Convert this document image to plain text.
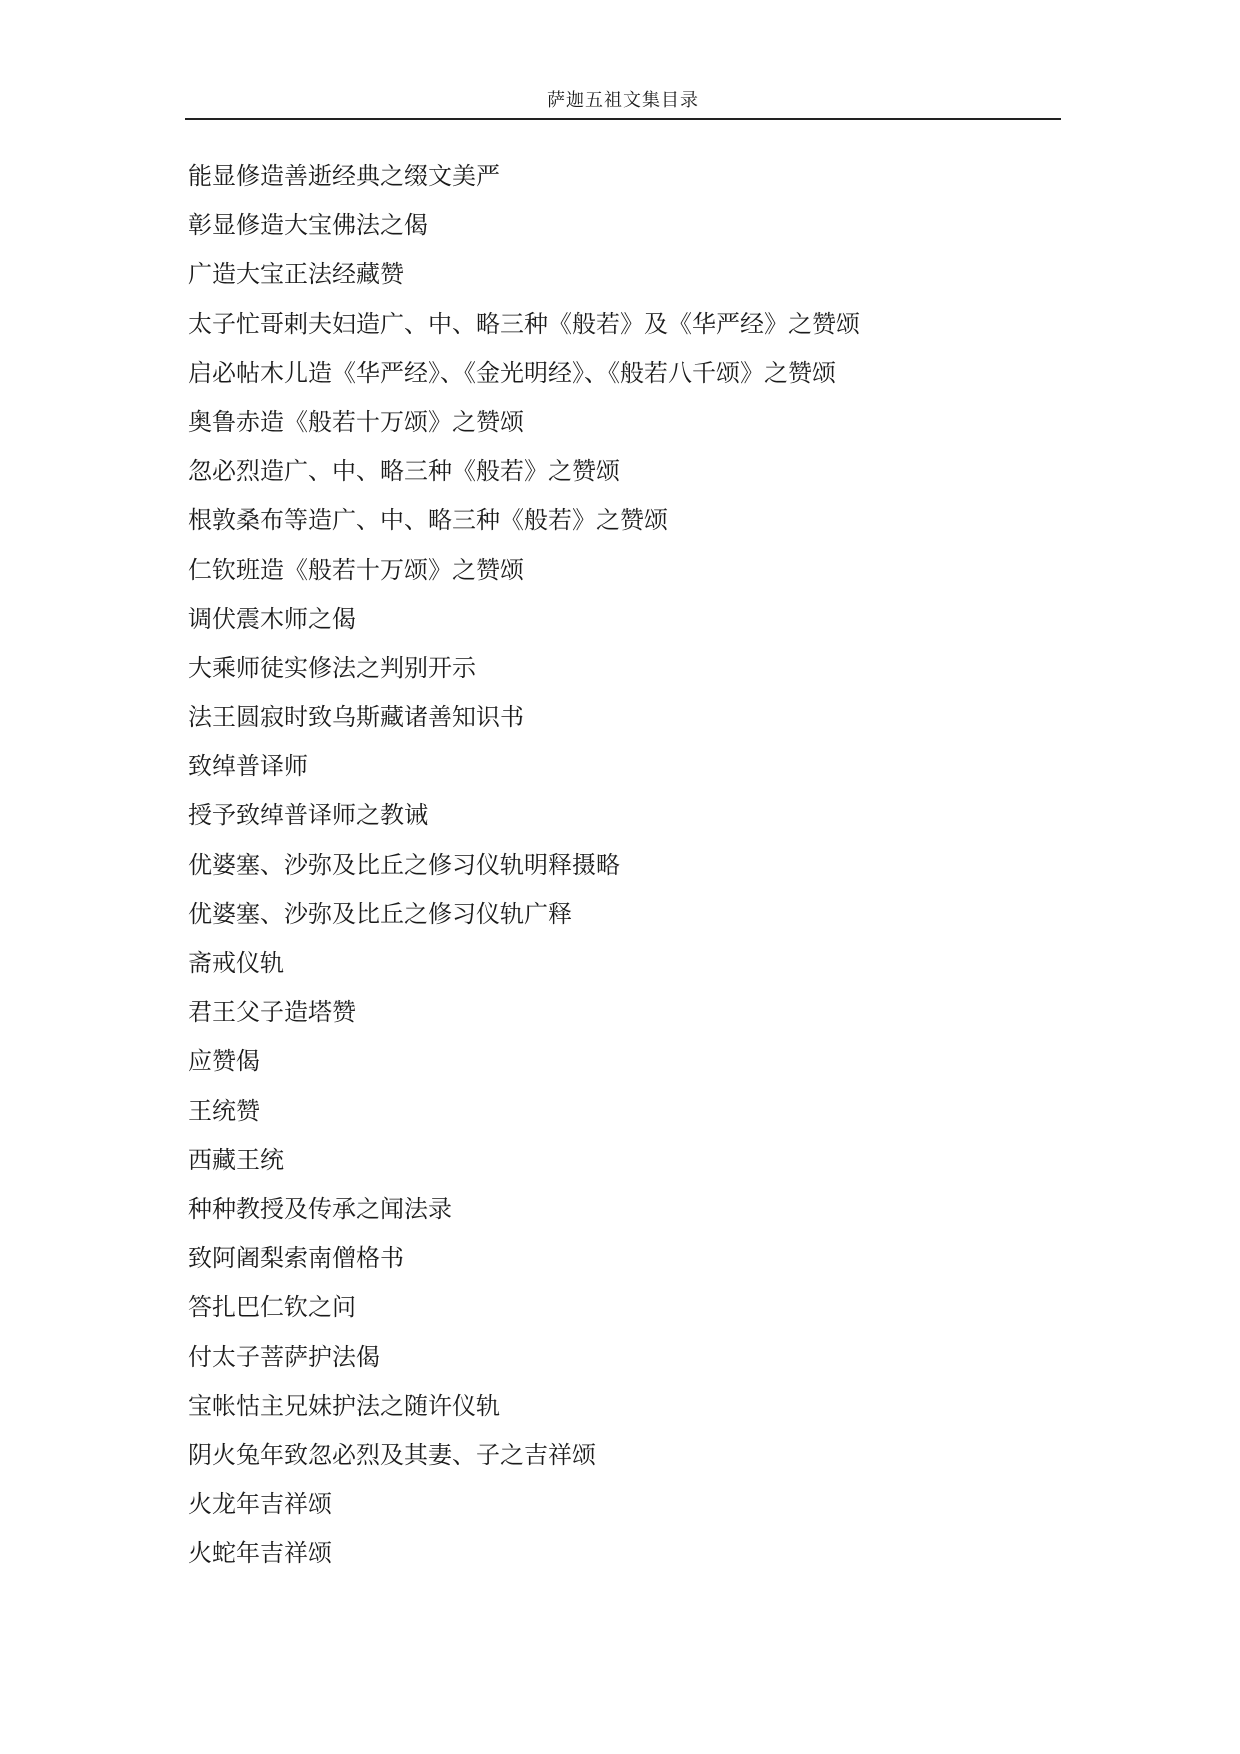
萨迦五祖文集目录
能显修造善逝经典之缀文美严
彰显修造大宝佛法之偈
广造大宝正法经藏赞
太子忙哥剌夫妇造广、中、略三种《般若》及《华严经》之赞颂
启必帖木儿造《华严经》、《金光明经》、《般若八千颂》之赞颂
奥鲁赤造《般若十万颂》之赞颂
忽必烈造广、中、略三种《般若》之赞颂
根敦桑布等造广、中、略三种《般若》之赞颂
仁钦班造《般若十万颂》之赞颂
调伏震木师之偈
大乘师徒实修法之判别开示
法王圆寂时致乌斯藏诸善知识书
致绰普译师
授予致绰普译师之教诫
优婆塞、沙弥及比丘之修习仪轨明释摄略
优婆塞、沙弥及比丘之修习仪轨广释
斋戒仪轨
君王父子造塔赞
应赞偈
王统赞
西藏王统
种种教授及传承之闻法录
致阿阇梨索南僧格书
答扎巴仁钦之问
付太子菩萨护法偈
宝帐怙主兄妹护法之随许仪轨
阴火兔年致忽必烈及其妻、子之吉祥颂
火龙年吉祥颂
火蛇年吉祥颂
